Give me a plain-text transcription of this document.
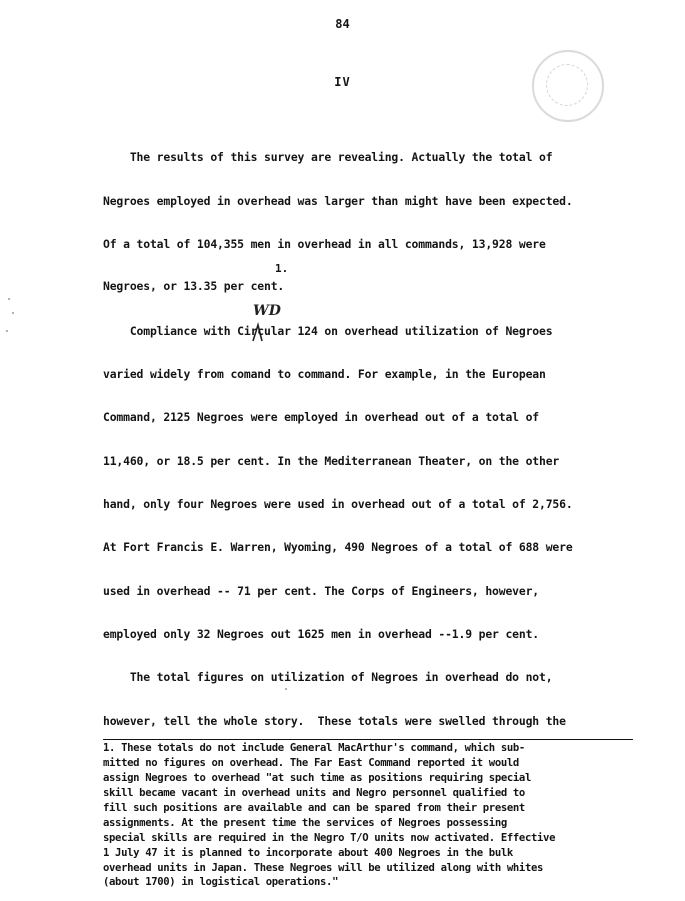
84
IV
The results of this survey are revealing. Actually the total of
Negroes employed in overhead was larger than might have been expected.
Of a total of 104,355 men in overhead in all commands, 13,928 were
1.
Negroes, or 13.35 per cent.
WD
Compliance with Circular 124 on overhead utilization of Negroes
varied widely from comand to command. For example, in the European
Command, 2125 Negroes were employed in overhead out of a total of
11,460, or 18.5 per cent. In the Mediterranean Theater, on the other
hand, only four Negroes were used in overhead out of a total of 2,756.
At Fort Francis E. Warren, Wyoming, 490 Negroes of a total of 688 were
used in overhead -- 71 per cent. The Corps of Engineers, however,
employed only 32 Negroes out 1625 men in overhead --1.9 per cent.
The total figures on utilization of Negroes in overhead do not,
however, tell the whole story.  These totals were swelled through the
1. These totals do not include General MacArthur's command, which sub-
mitted no figures on overhead. The Far East Command reported it would
assign Negroes to overhead "at such time as positions requiring special
skill became vacant in overhead units and Negro personnel qualified to
fill such positions are available and can be spared from their present
assignments. At the present time the services of Negroes possessing
special skills are required in the Negro T/O units now activated. Effective
1 July 47 it is planned to incorporate about 400 Negroes in the bulk
overhead units in Japan. These Negroes will be utilized along with whites
(about 1700) in logistical operations."
